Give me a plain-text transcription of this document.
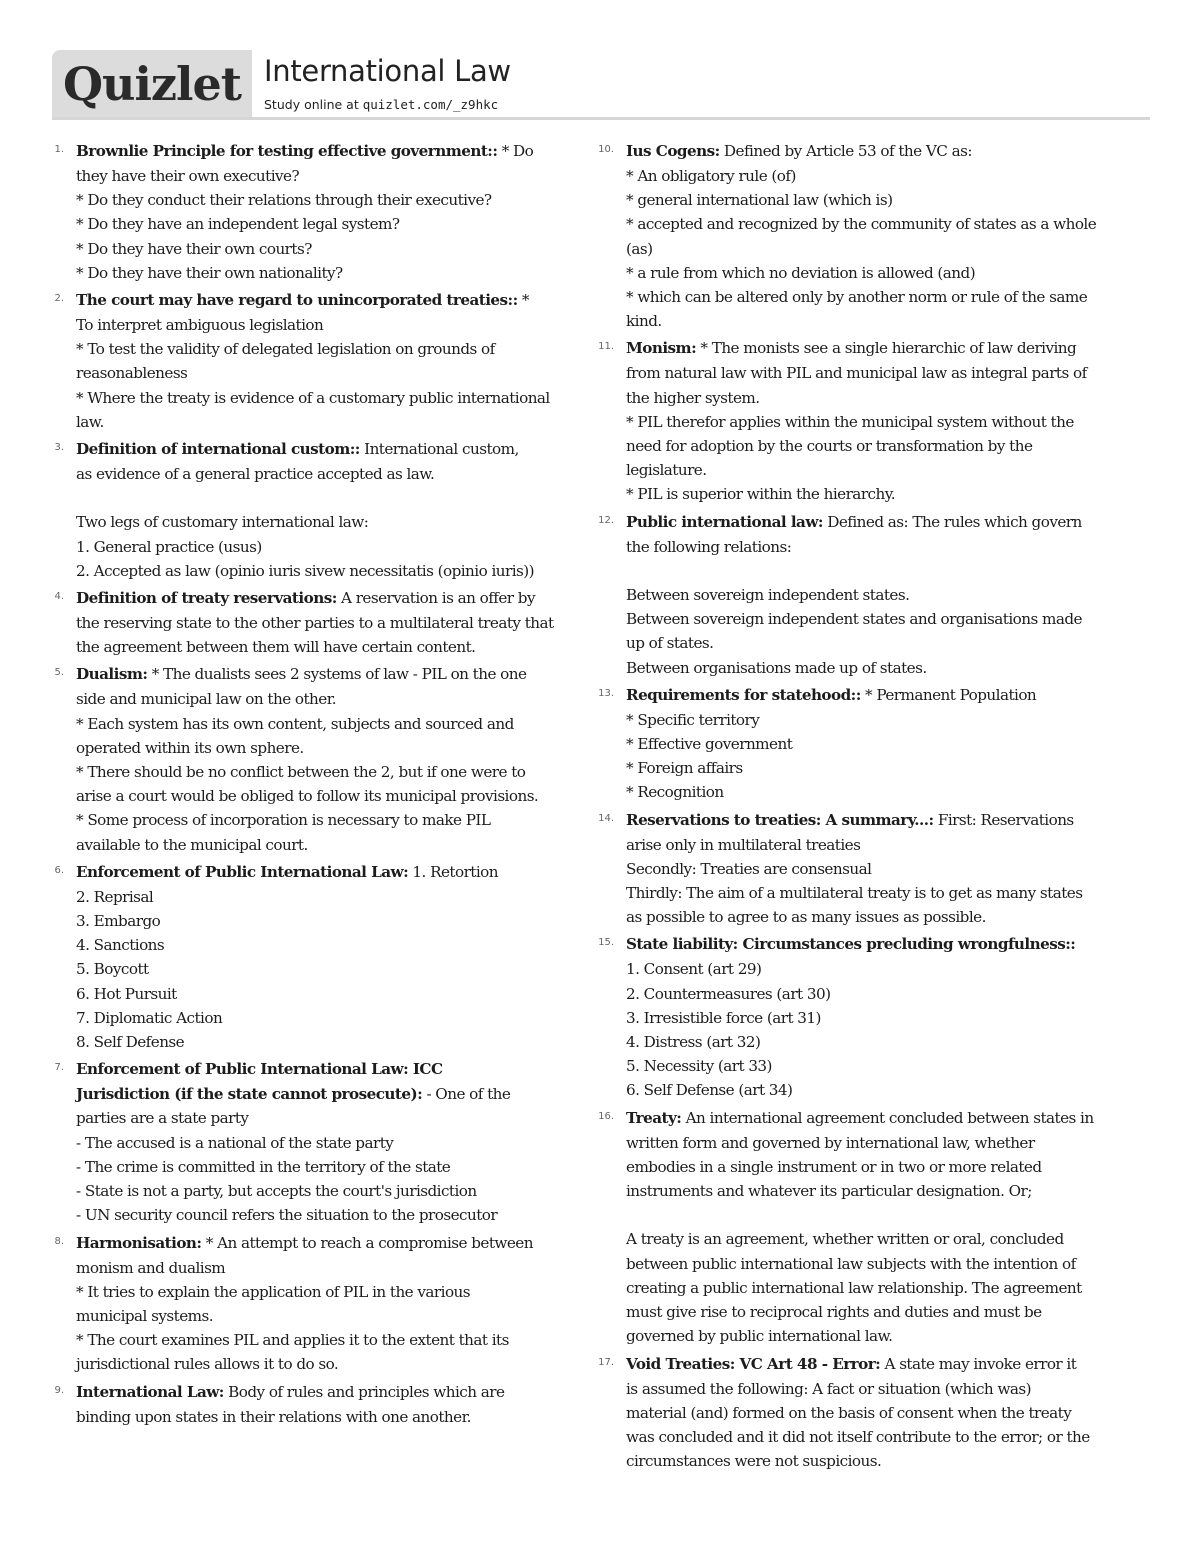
Quizlet International Law
Study online at quizlet.com/_z9hkc
1. Brownlie Principle for testing effective government:: * Do
they have their own executive?
* Do they conduct their relations through their executive?
* Do they have an independent legal system?
* Do they have their own courts?
* Do they have their own nationality?
2. The court may have regard to unincorporated treaties:: *
To interpret ambiguous legislation
* To test the validity of delegated legislation on grounds of
reasonableness
* Where the treaty is evidence of a customary public international
law.
3. Definition of international custom:: International custom,
as evidence of a general practice accepted as law.
Two legs of customary international law:
1. General practice (usus)
2. Accepted as law (opinio iuris sivew necessitatis (opinio iuris))
4. Definition of treaty reservations: A reservation is an offer by
the reserving state to the other parties to a multilateral treaty that
the agreement between them will have certain content.
5. Dualism: * The dualists sees 2 systems of law - PIL on the one
side and municipal law on the other.
* Each system has its own content, subjects and sourced and
operated within its own sphere.
* There should be no conflict between the 2, but if one were to
arise a court would be obliged to follow its municipal provisions.
* Some process of incorporation is necessary to make PIL
available to the municipal court.
6. Enforcement of Public International Law: 1. Retortion
2. Reprisal
3. Embargo
4. Sanctions
5. Boycott
6. Hot Pursuit
7. Diplomatic Action
8. Self Defense
7. Enforcement of Public International Law: ICC
Jurisdiction (if the state cannot prosecute): - One of the
parties are a state party
- The accused is a national of the state party
- The crime is committed in the territory of the state
- State is not a party, but accepts the court's jurisdiction
- UN security council refers the situation to the prosecutor
8. Harmonisation: * An attempt to reach a compromise between
monism and dualism
* It tries to explain the application of PIL in the various
municipal systems.
* The court examines PIL and applies it to the extent that its
jurisdictional rules allows it to do so.
9. International Law: Body of rules and principles which are
binding upon states in their relations with one another.
10. Ius Cogens: Defined by Article 53 of the VC as:
* An obligatory rule (of)
* general international law (which is)
* accepted and recognized by the community of states as a whole
(as)
* a rule from which no deviation is allowed (and)
* which can be altered only by another norm or rule of the same
kind.
11. Monism: * The monists see a single hierarchic of law deriving
from natural law with PIL and municipal law as integral parts of
the higher system.
* PIL therefor applies within the municipal system without the
need for adoption by the courts or transformation by the
legislature.
* PIL is superior within the hierarchy.
12. Public international law: Defined as: The rules which govern
the following relations:
Between sovereign independent states.
Between sovereign independent states and organisations made
up of states.
Between organisations made up of states.
13. Requirements for statehood:: * Permanent Population
* Specific territory
* Effective government
* Foreign affairs
* Recognition
14. Reservations to treaties: A summary...: First: Reservations
arise only in multilateral treaties
Secondly: Treaties are consensual
Thirdly: The aim of a multilateral treaty is to get as many states
as possible to agree to as many issues as possible.
15. State liability: Circumstances precluding wrongfulness::
1. Consent (art 29)
2. Countermeasures (art 30)
3. Irresistible force (art 31)
4. Distress (art 32)
5. Necessity (art 33)
6. Self Defense (art 34)
16. Treaty: An international agreement concluded between states in
written form and governed by international law, whether
embodies in a single instrument or in two or more related
instruments and whatever its particular designation. Or;
A treaty is an agreement, whether written or oral, concluded
between public international law subjects with the intention of
creating a public international law relationship. The agreement
must give rise to reciprocal rights and duties and must be
governed by public international law.
17. Void Treaties: VC Art 48 - Error: A state may invoke error it
is assumed the following: A fact or situation (which was)
material (and) formed on the basis of consent when the treaty
was concluded and it did not itself contribute to the error; or the
circumstances were not suspicious.
